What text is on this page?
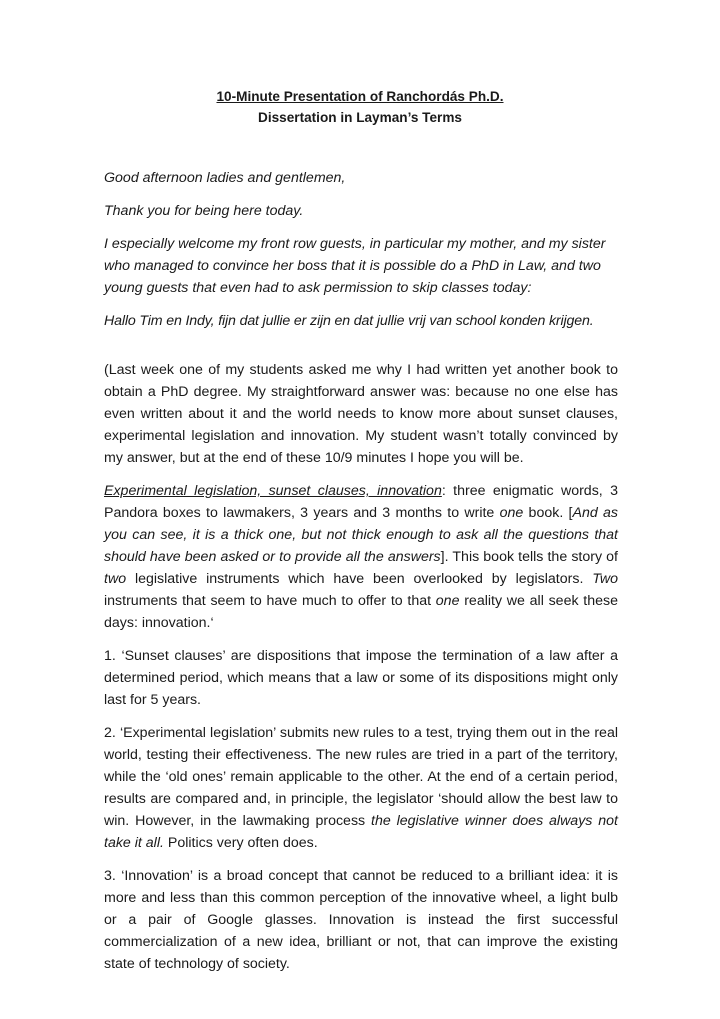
10-Minute Presentation of Ranchordás Ph.D.
Dissertation in Layman’s Terms

Good afternoon ladies and gentlemen,

Thank you for being here today.

I especially welcome my front row guests, in particular my mother, and my sister who managed to convince her boss that it is possible do a PhD in Law, and two young guests that even had to ask permission to skip classes today:

Hallo Tim en Indy, fijn dat jullie er zijn en dat jullie vrij van school konden krijgen.

(Last week one of my students asked me why I had written yet another book to obtain a PhD degree. My straightforward answer was: because no one else has even written about it and the world needs to know more about sunset clauses, experimental legislation and innovation. My student wasn’t totally convinced by my answer, but at the end of these 10/9 minutes I hope you will be.

Experimental legislation, sunset clauses, innovation: three enigmatic words, 3 Pandora boxes to lawmakers, 3 years and 3 months to write one book. [And as you can see, it is a thick one, but not thick enough to ask all the questions that should have been asked or to provide all the answers]. This book tells the story of two legislative instruments which have been overlooked by legislators. Two instruments that seem to have much to offer to that one reality we all seek these days: innovation.‘

1. ‘Sunset clauses’ are dispositions that impose the termination of a law after a determined period, which means that a law or some of its dispositions might only last for 5 years.

2. ‘Experimental legislation’ submits new rules to a test, trying them out in the real world, testing their effectiveness. The new rules are tried in a part of the territory, while the ‘old ones’ remain applicable to the other. At the end of a certain period, results are compared and, in principle, the legislator ‘should allow the best law to win. However, in the lawmaking process the legislative winner does always not take it all. Politics very often does.

3. ‘Innovation’ is a broad concept that cannot be reduced to a brilliant idea: it is more and less than this common perception of the innovative wheel, a light bulb or a pair of Google glasses. Innovation is instead the first successful commercialization of a new idea, brilliant or not, that can improve the existing state of technology of society.
